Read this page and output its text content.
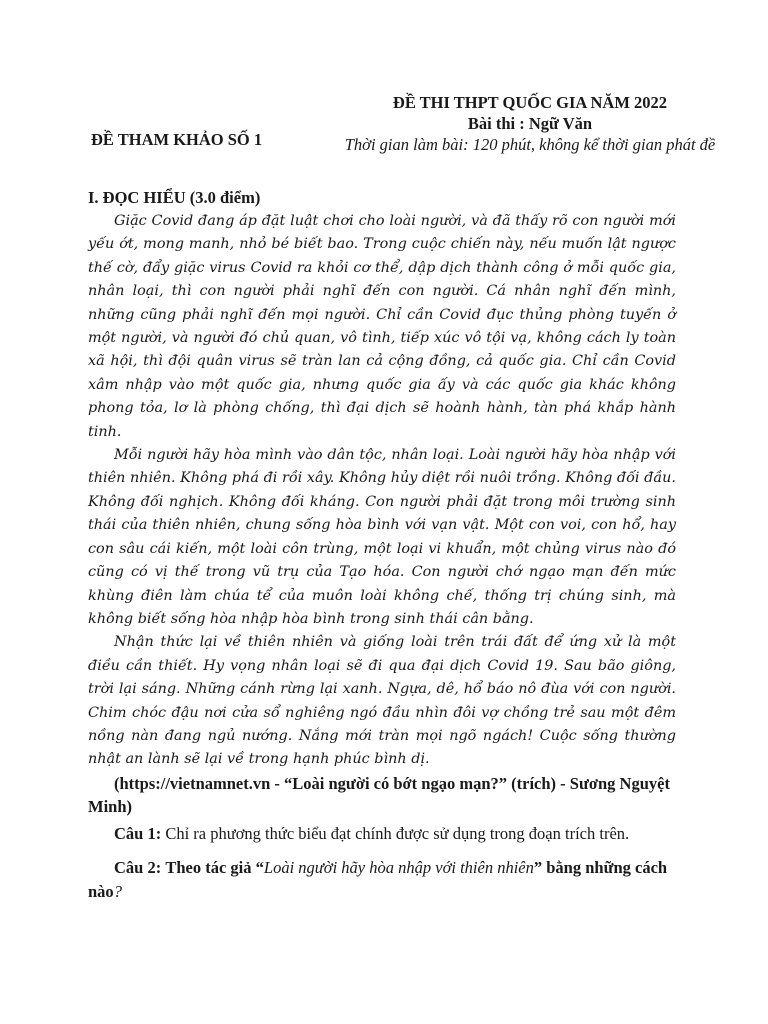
ĐỀ THAM KHẢO SỐ 1
ĐỀ THI THPT QUỐC GIA NĂM 2022
Bài thi : Ngữ Văn
Thời gian làm bài: 120 phút, không kể thời gian phát đề

I. ĐỌC HIỂU (3.0 điểm)

Giặc Covid đang áp đặt luật chơi cho loài người, và đã thấy rõ con người mới yếu ớt, mong manh, nhỏ bé biết bao. Trong cuộc chiến này, nếu muốn lật ngược thế cờ, đẩy giặc virus Covid ra khỏi cơ thể, dập dịch thành công ở mỗi quốc gia, nhân loại, thì con người phải nghĩ đến con người. Cá nhân nghĩ đến mình, những cũng phải nghĩ đến mọi người. Chỉ cần Covid đục thủng phòng tuyến ở một người, và người đó chủ quan, vô tình, tiếp xúc vô tội vạ, không cách ly toàn xã hội, thì đội quân virus sẽ tràn lan cả cộng đồng, cả quốc gia. Chỉ cần Covid xâm nhập vào một quốc gia, nhưng quốc gia ấy và các quốc gia khác không phong tỏa, lơ là phòng chống, thì đại dịch sẽ hoành hành, tàn phá khắp hành tinh.

Mỗi người hãy hòa mình vào dân tộc, nhân loại. Loài người hãy hòa nhập với thiên nhiên. Không phá đi rồi xây. Không hủy diệt rồi nuôi trồng. Không đối đầu. Không đối nghịch. Không đối kháng. Con người phải đặt trong môi trường sinh thái của thiên nhiên, chung sống hòa bình với vạn vật. Một con voi, con hổ, hay con sâu cái kiến, một loài côn trùng, một loại vi khuẩn, một chủng virus nào đó cũng có vị thế trong vũ trụ của Tạo hóa. Con người chớ ngạo mạn đến mức khùng điên làm chúa tể của muôn loài không chế, thống trị chúng sinh, mà không biết sống hòa nhập hòa bình trong sinh thái cân bằng.

Nhận thức lại về thiên nhiên và giống loài trên trái đất để ứng xử là một điều cần thiết. Hy vọng nhân loại sẽ đi qua đại dịch Covid 19. Sau bão giông, trời lại sáng. Những cánh rừng lại xanh. Ngựa, dê, hổ báo nô đùa với con người. Chim chóc đậu nơi cửa sổ nghiêng ngó đầu nhìn đôi vợ chồng trẻ sau một đêm nồng nàn đang ngủ nướng. Nắng mới tràn mọi ngõ ngách! Cuộc sống thường nhật an lành sẽ lại về trong hạnh phúc bình dị.

(https://vietnamnet.vn - “Loài người có bớt ngạo mạn?” (trích) - Sương Nguyệt Minh)

Câu 1: Chỉ ra phương thức biểu đạt chính được sử dụng trong đoạn trích trên.

Câu 2: Theo tác giả “Loài người hãy hòa nhập với thiên nhiên” bằng những cách nào?
